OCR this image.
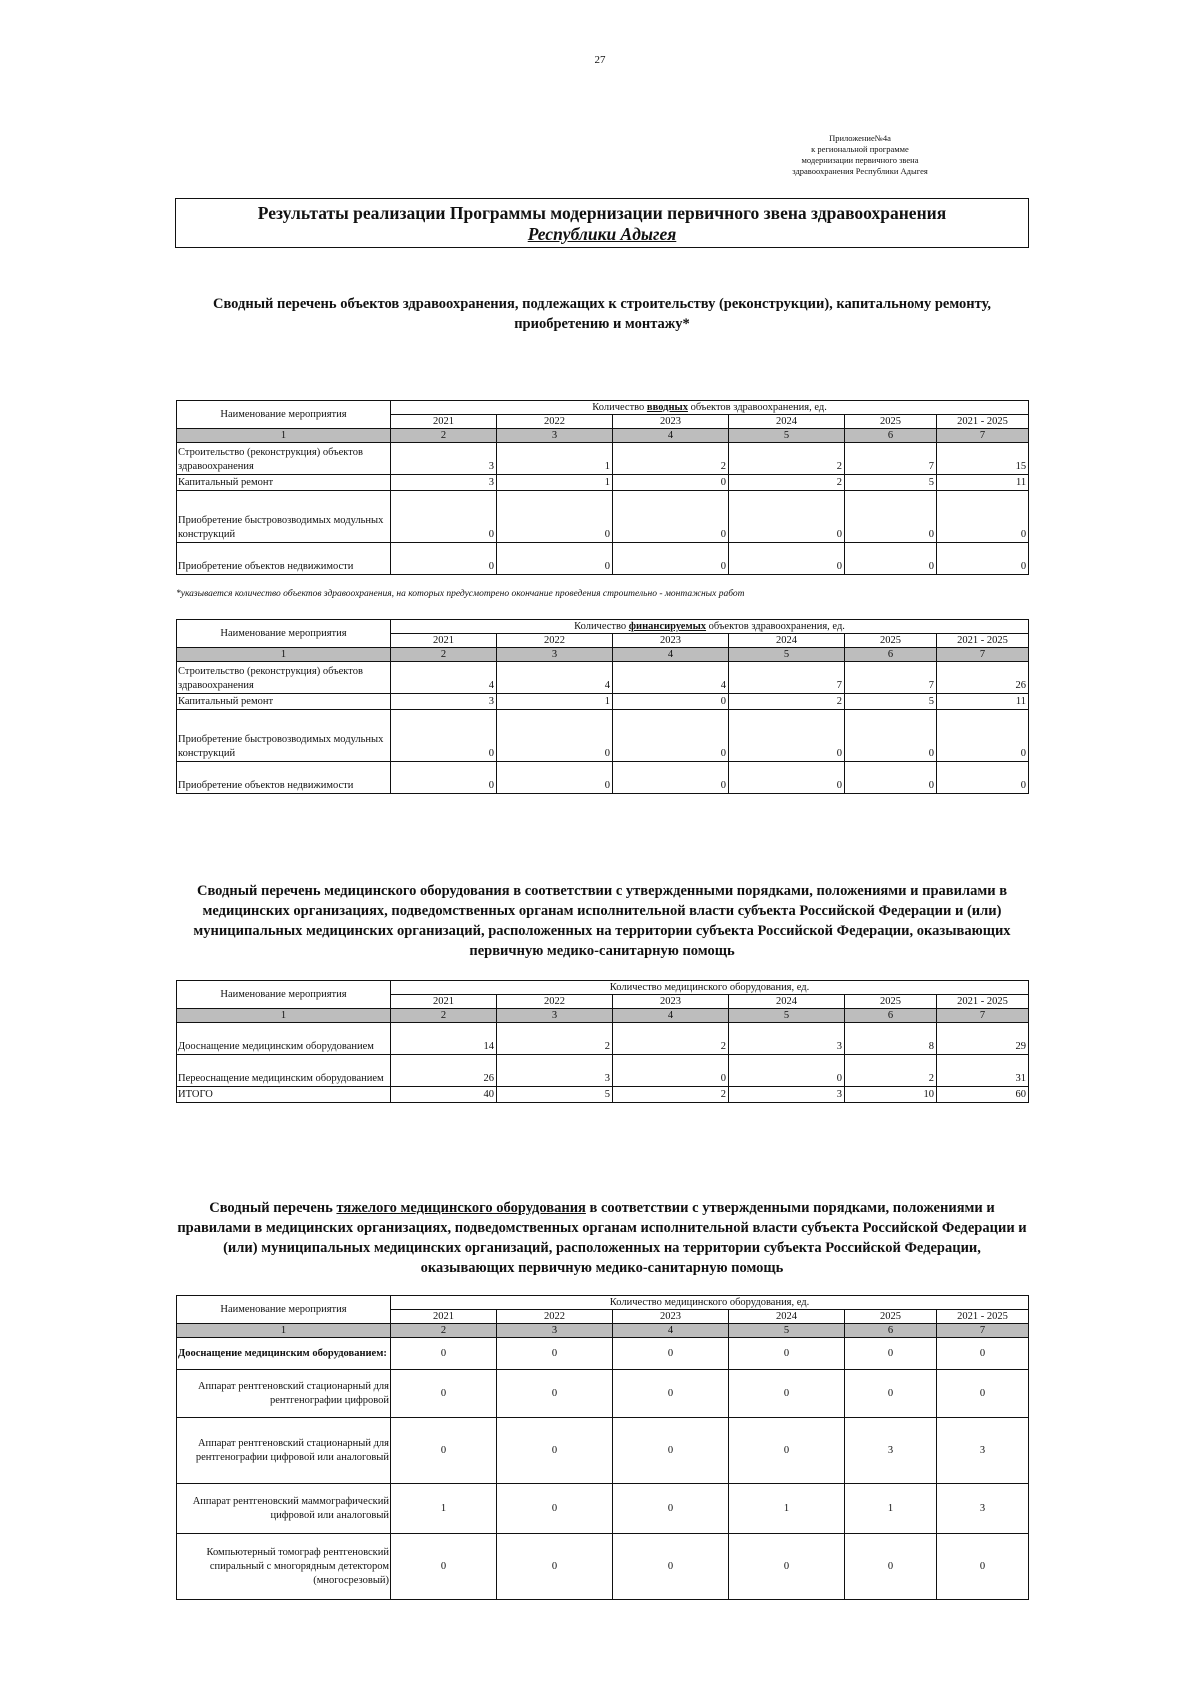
27
Приложение№4а
к региональной программе
модернизации первичного звена
здравоохранения Республики Адыгея
Результаты реализации Программы модернизации первичного звена здравоохранения
Республики Адыгея
Сводный перечень объектов здравоохранения, подлежащих к строительству (реконструкции), капитальному ремонту, приобретению и монтажу*
Наименование мероприятия	Количество вводных объектов здравоохранения, ед.					
	2021	2022	2023	2024	2025	2021 - 2025
1	2	3	4	5	6	7
Строительство (реконструкция) объектов здравоохранения	3	1	2	2	7	15
Капитальный ремонт	3	1	0	2	5	11
Приобретение быстровозводимых модульных конструкций	0	0	0	0	0	0
Приобретение объектов недвижимости	0	0	0	0	0	0
*указывается количество объектов здравоохранения, на которых предусмотрено окончание проведения строительно - монтажных работ
Наименование мероприятия	Количество финансируемых объектов здравоохранения, ед.					
	2021	2022	2023	2024	2025	2021 - 2025
1	2	3	4	5	6	7
Строительство (реконструкция) объектов здравоохранения	4	4	4	7	7	26
Капитальный ремонт	3	1	0	2	5	11
Приобретение быстровозводимых модульных конструкций	0	0	0	0	0	0
Приобретение объектов недвижимости	0	0	0	0	0	0
Сводный перечень медицинского оборудования в соответствии с утвержденными порядками, положениями и правилами в медицинских организациях, подведомственных органам исполнительной власти субъекта Российской Федерации и (или) муниципальных медицинских организаций, расположенных на территории субъекта Российской Федерации, оказывающих первичную медико-санитарную помощь
Наименование мероприятия	Количество медицинского оборудования, ед.					
	2021	2022	2023	2024	2025	2021 - 2025
1	2	3	4	5	6	7
Дооснащение медицинским оборудованием	14	2	2	3	8	29
Переоснащение медицинским оборудованием	26	3	0	0	2	31
ИТОГО	40	5	2	3	10	60
Сводный перечень тяжелого медицинского оборудования в соответствии с утвержденными порядками, положениями и правилами в медицинских организациях, подведомственных органам исполнительной власти субъекта Российской Федерации и (или) муниципальных медицинских организаций, расположенных на территории субъекта Российской Федерации, оказывающих первичную медико-санитарную помощь
Наименование мероприятия	Количество медицинского оборудования, ед.					
	2021	2022	2023	2024	2025	2021 - 2025
1	2	3	4	5	6	7
Дооснащение медицинским оборудованием:	0	0	0	0	0	0
Аппарат рентгеновский стационарный для рентгенографии цифровой	0	0	0	0	0	0
Аппарат рентгеновский стационарный для рентгенографии цифровой или аналоговый	0	0	0	0	3	3
Аппарат рентгеновский маммографический цифровой или аналоговый	1	0	0	1	1	3
Компьютерный томограф рентгеновский спиральный с многорядным детектором (многосрезовый)	0	0	0	0	0	0
